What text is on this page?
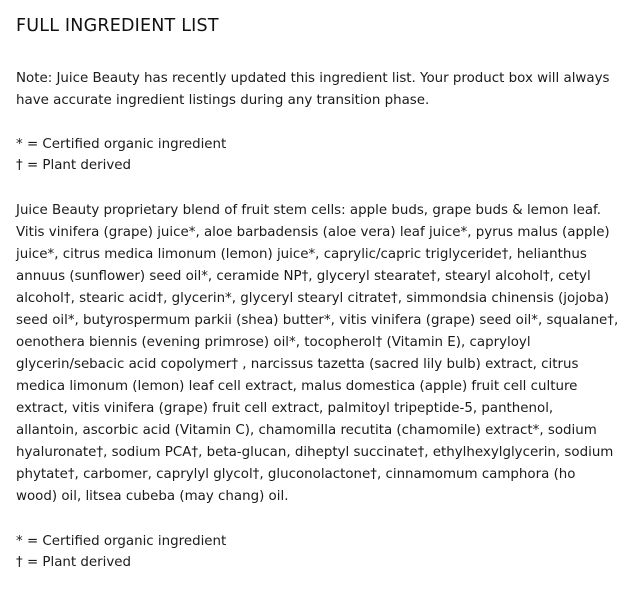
FULL INGREDIENT LIST

Note: Juice Beauty has recently updated this ingredient list. Your product box will always have accurate ingredient listings during any transition phase.

* = Certified organic ingredient
† = Plant derived

Juice Beauty proprietary blend of fruit stem cells: apple buds, grape buds & lemon leaf. Vitis vinifera (grape) juice*, aloe barbadensis (aloe vera) leaf juice*, pyrus malus (apple) juice*, citrus medica limonum (lemon) juice*, caprylic/capric triglyceride†, helianthus annuus (sunflower) seed oil*, ceramide NP†, glyceryl stearate†, stearyl alcohol†, cetyl alcohol†, stearic acid†, glycerin*, glyceryl stearyl citrate†, simmondsia chinensis (jojoba) seed oil*, butyrospermum parkii (shea) butter*, vitis vinifera (grape) seed oil*, squalane†, oenothera biennis (evening primrose) oil*, tocopherol† (Vitamin E), capryloyl glycerin/sebacic acid copolymer† , narcissus tazetta (sacred lily bulb) extract, citrus medica limonum (lemon) leaf cell extract, malus domestica (apple) fruit cell culture extract, vitis vinifera (grape) fruit cell extract, palmitoyl tripeptide-5, panthenol, allantoin, ascorbic acid (Vitamin C), chamomilla recutita (chamomile) extract*, sodium hyaluronate†, sodium PCA†, beta-glucan, diheptyl succinate†, ethylhexylglycerin, sodium phytate†, carbomer, caprylyl glycol†, gluconolactone†, cinnamomum camphora (ho wood) oil, litsea cubeba (may chang) oil.

* = Certified organic ingredient
† = Plant derived
